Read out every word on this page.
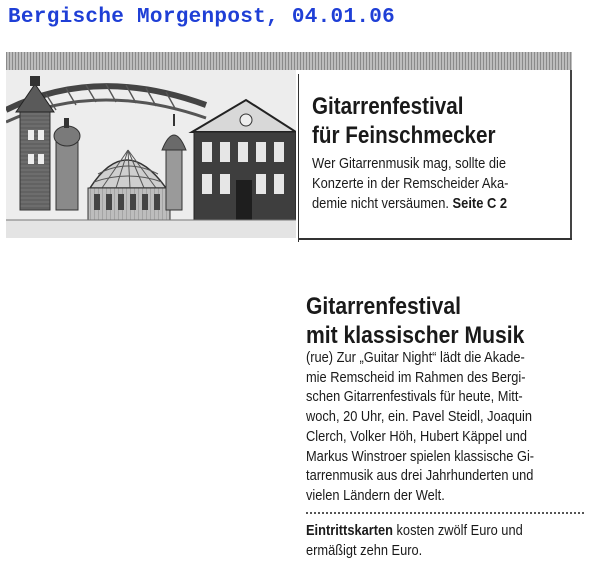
Bergische Morgenpost, 04.01.06
Gitarrenfestival
für Feinschmecker
Wer Gitarrenmusik mag, sollte die
Konzerte in der Remscheider Aka-
demie nicht versäumen. Seite C 2
Gitarrenfestival
mit klassischer Musik
(rue) Zur „Guitar Night“ lädt die Akade-
mie Remscheid im Rahmen des Bergi-
schen Gitarrenfestivals für heute, Mitt-
woch, 20 Uhr, ein. Pavel Steidl, Joaquin
Clerch, Volker Höh, Hubert Käppel und
Markus Winstroer spielen klassische Gi-
tarrenmusik aus drei Jahrhunderten und
vielen Ländern der Welt.
Eintrittskarten kosten zwölf Euro und
ermäßigt zehn Euro.
